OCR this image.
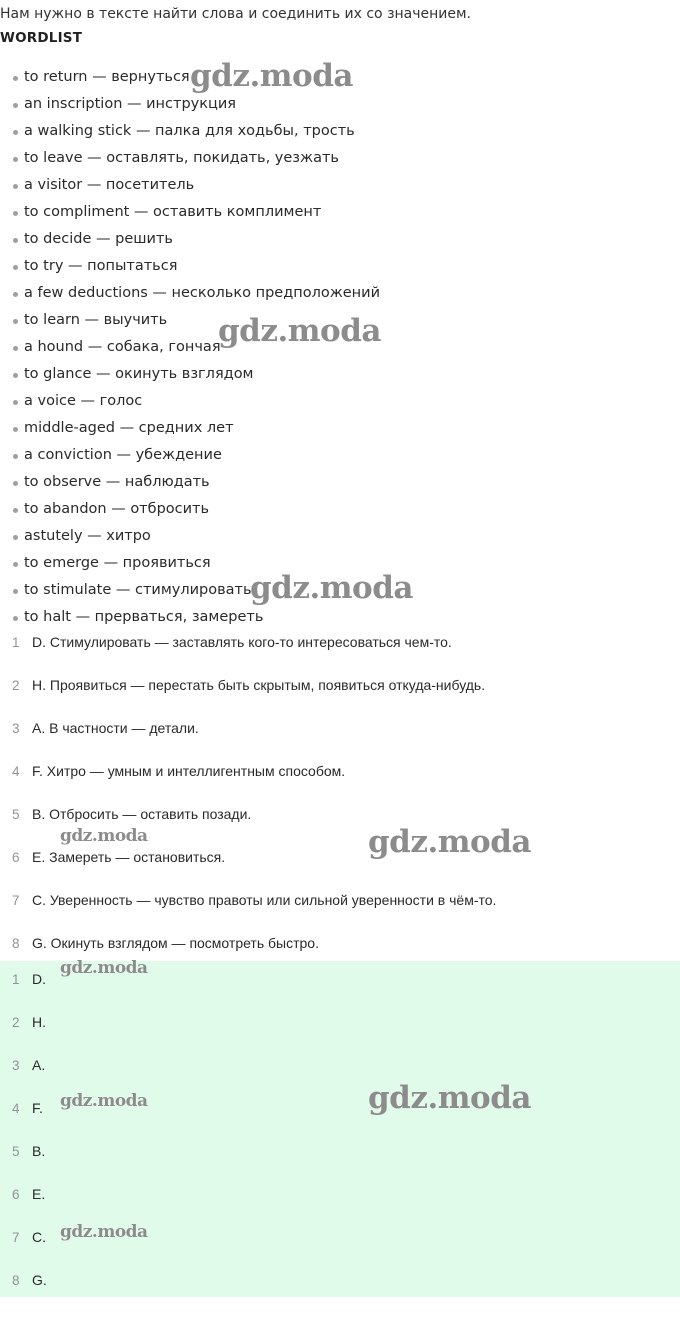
Нам нужно в тексте найти слова и соединить их со значением.
WORDLIST
to return — вернуться
an inscription — инструкция
a walking stick — палка для ходьбы, трость
to leave — оставлять, покидать, уезжать
a visitor — посетитель
to compliment — оставить комплимент
to decide — решить
to try — попытаться
a few deductions — несколько предположений
to learn — выучить
a hound — собака, гончая
to glance — окинуть взглядом
a voice — голос
middle-aged — средних лет
a conviction — убеждение
to observe — наблюдать
to abandon — отбросить
astutely — хитро
to emerge — проявиться
to stimulate — стимулировать
to halt — прерваться, замереть
1 D. Стимулировать — заставлять кого-то интересоваться чем-то.
2 H. Проявиться — перестать быть скрытым, появиться откуда-нибудь.
3 A. В частности — детали.
4 F. Хитро — умным и интеллигентным способом.
5 B. Отбросить — оставить позади.
6 E. Замереть — остановиться.
7 C. Уверенность — чувство правоты или сильной уверенности в чём-то.
8 G. Окинуть взглядом — посмотреть быстро.
1 D.
2 H.
3 A.
4 F.
5 B.
6 E.
7 C.
8 G.
gdz.moda
gdz.moda
gdz.moda
gdz.moda
gdz.moda
gdz.moda
gdz.moda
gdz.moda
gdz.moda
